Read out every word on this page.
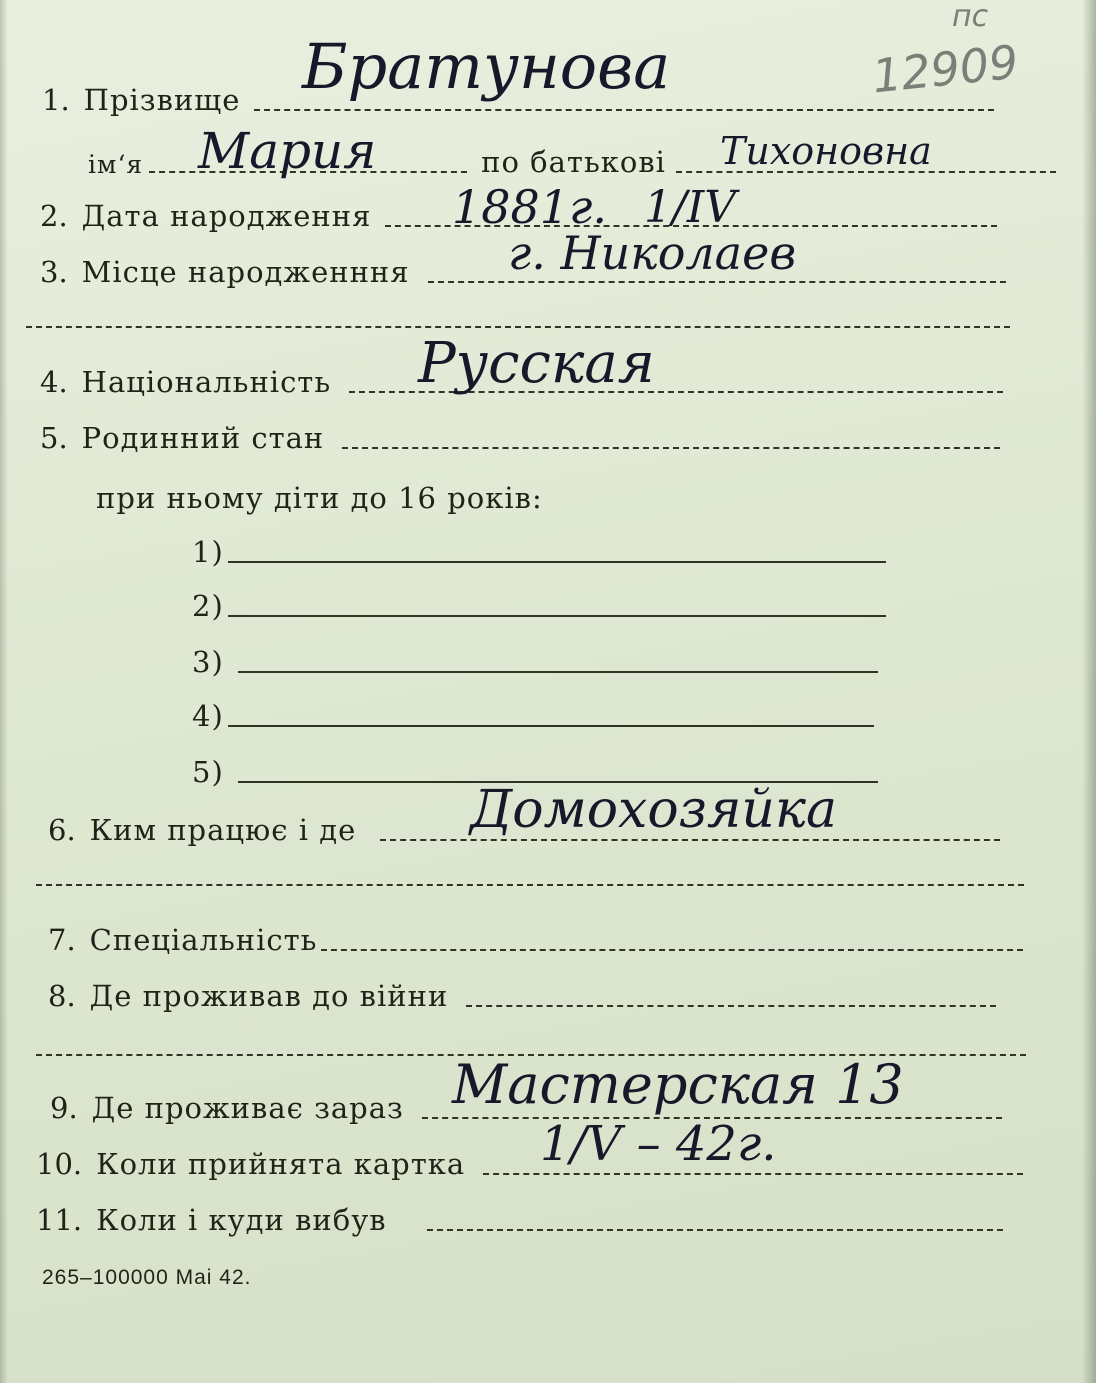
пс
12909
1. Прізвище Братунова
ім‘я	по батькові
Мария	Тихоновна
2. Дата народження 1881г. 1/IV
3. Місце народженння г. Николаев
4. Національність Русская
5. Родинний стан
при ньому діти до 16 років:
1)
2)
3)
4)
5)
6. Ким працює і де Домохозяйка
7. Спеціальність
8. Де проживав до війни
9. Де проживає зараз Мастерская 13
10. Коли прийнята картка 1/V – 42г.
11. Коли і куди вибув
265–100000 Mai 42.
